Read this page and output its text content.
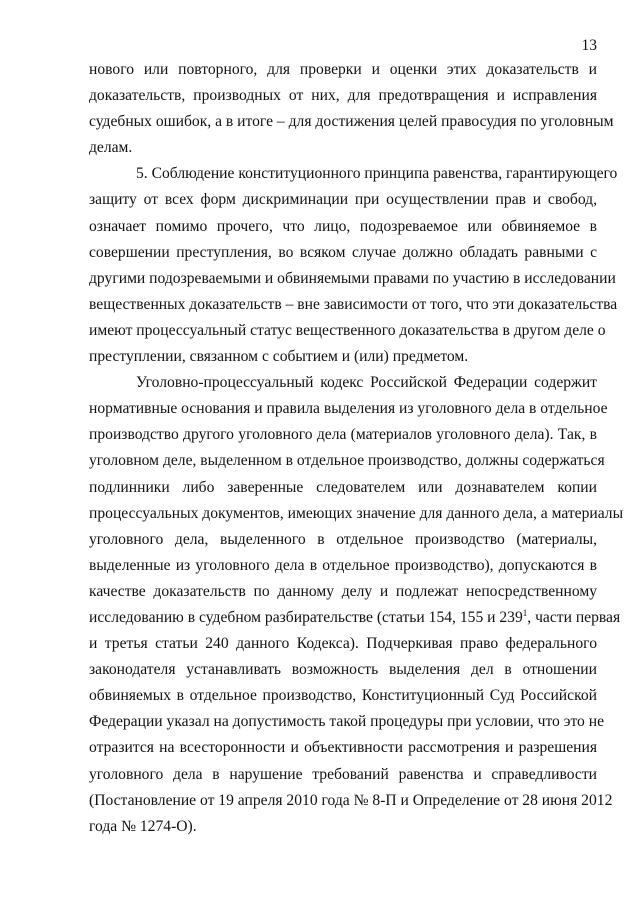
13
нового или повторного, для проверки и оценки этих доказательств и
доказательств, производных от них, для предотвращения и исправления
судебных ошибок, а в итоге – для достижения целей правосудия по уголовным
делам.
5. Соблюдение конституционного принципа равенства, гарантирующего
защиту от всех форм дискриминации при осуществлении прав и свобод,
означает помимо прочего, что лицо, подозреваемое или обвиняемое в
совершении преступления, во всяком случае должно обладать равными с
другими подозреваемыми и обвиняемыми правами по участию в исследовании
вещественных доказательств – вне зависимости от того, что эти доказательства
имеют процессуальный статус вещественного доказательства в другом деле о
преступлении, связанном с событием и (или) предметом.
Уголовно-процессуальный кодекс Российской Федерации содержит
нормативные основания и правила выделения из уголовного дела в отдельное
производство другого уголовного дела (материалов уголовного дела). Так, в
уголовном деле, выделенном в отдельное производство, должны содержаться
подлинники либо заверенные следователем или дознавателем копии
процессуальных документов, имеющих значение для данного дела, а материалы
уголовного дела, выделенного в отдельное производство (материалы,
выделенные из уголовного дела в отдельное производство), допускаются в
качестве доказательств по данному делу и подлежат непосредственному
исследованию в судебном разбирательстве (статьи 154, 155 и $239^1$, части первая
и третья статьи 240 данного Кодекса). Подчеркивая право федерального
законодателя устанавливать возможность выделения дел в отношении
обвиняемых в отдельное производство, Конституционный Суд Российской
Федерации указал на допустимость такой процедуры при условии, что это не
отразится на всесторонности и объективности рассмотрения и разрешения
уголовного дела в нарушение требований равенства и справедливости
(Постановление от 19 апреля 2010 года № 8-П и Определение от 28 июня 2012
года № 1274-О).
